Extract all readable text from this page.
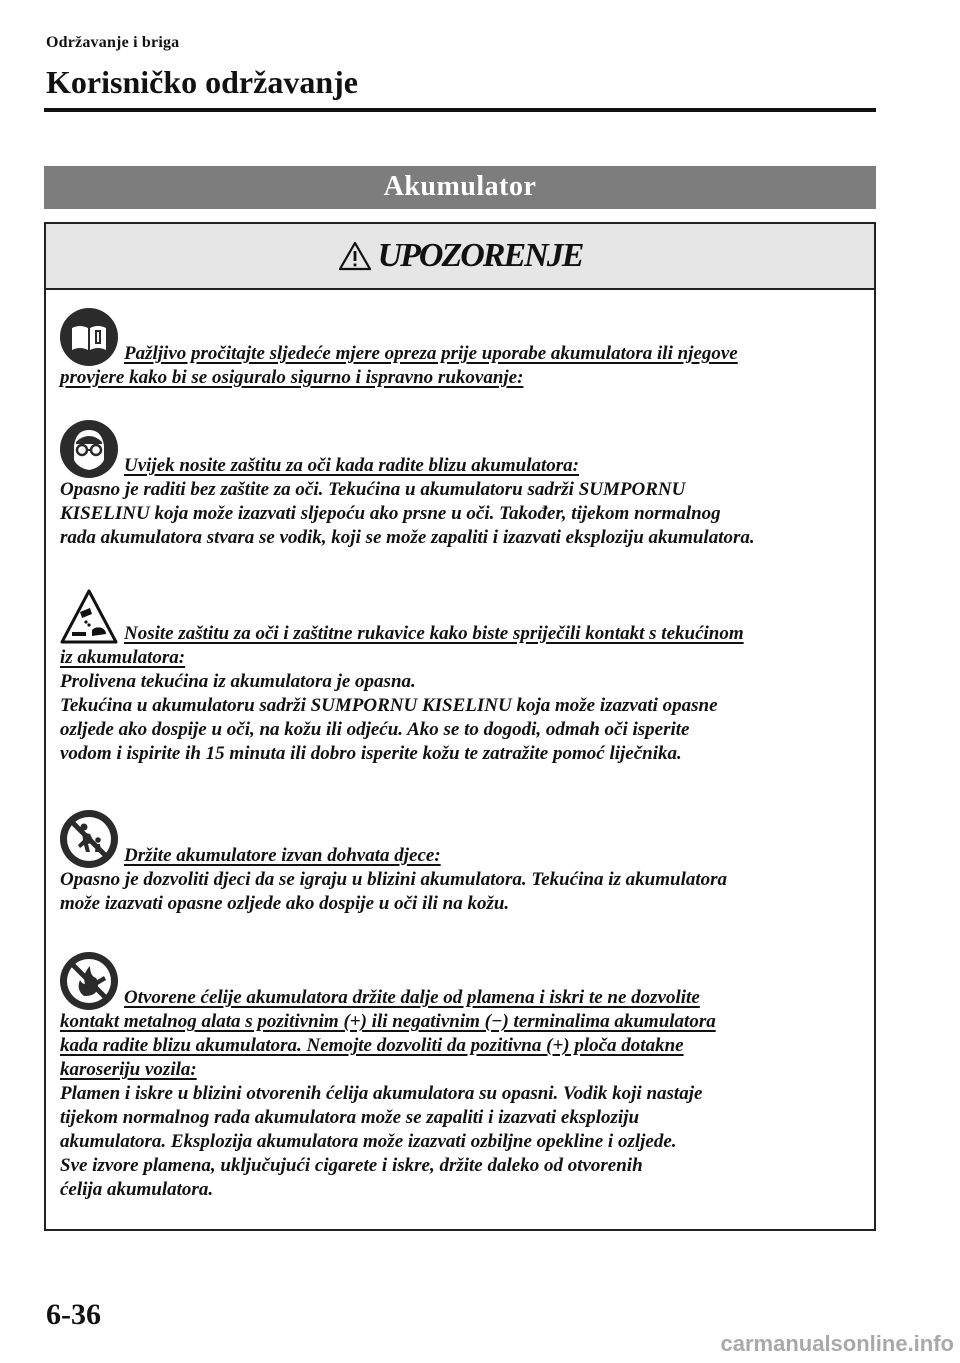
Održavanje i briga
Korisničko održavanje
Akumulator
UPOZORENJE

Pažljivo pročitajte sljedeće mjere opreza prije uporabe akumulatora ili njegove

provjere kako bi se osiguralo sigurno i ispravno rukovanje:

Uvijek nosite zaštitu za oči kada radite blizu akumulatora:

Opasno je raditi bez zaštite za oči. Tekućina u akumulatoru sadrži SUMPORNU

KISELINU koja može izazvati sljepoću ako prsne u oči. Također, tijekom normalnog

rada akumulatora stvara se vodik, koji se može zapaliti i izazvati eksploziju akumulatora.

Nosite zaštitu za oči i zaštitne rukavice kako biste spriječili kontakt s tekućinom

iz akumulatora:

Prolivena tekućina iz akumulatora je opasna.

Tekućina u akumulatoru sadrži SUMPORNU KISELINU koja može izazvati opasne

ozljede ako dospije u oči, na kožu ili odjeću. Ako se to dogodi, odmah oči isperite

vodom i ispirite ih 15 minuta ili dobro isperite kožu te zatražite pomoć liječnika.

Držite akumulatore izvan dohvata djece:

Opasno je dozvoliti djeci da se igraju u blizini akumulatora. Tekućina iz akumulatora

može izazvati opasne ozljede ako dospije u oči ili na kožu.

Otvorene ćelije akumulatora držite dalje od plamena i iskri te ne dozvolite

kontakt metalnog alata s pozitivnim (+) ili negativnim (−) terminalima akumulatora

kada radite blizu akumulatora. Nemojte dozvoliti da pozitivna (+) ploča dotakne

karoseriju vozila:

Plamen i iskre u blizini otvorenih ćelija akumulatora su opasni. Vodik koji nastaje

tijekom normalnog rada akumulatora može se zapaliti i izazvati eksploziju

akumulatora. Eksplozija akumulatora može izazvati ozbiljne opekline i ozljede.

Sve izvore plamena, uključujući cigarete i iskre, držite daleko od otvorenih

ćelija akumulatora.

6-36
carmanualsonline.info
